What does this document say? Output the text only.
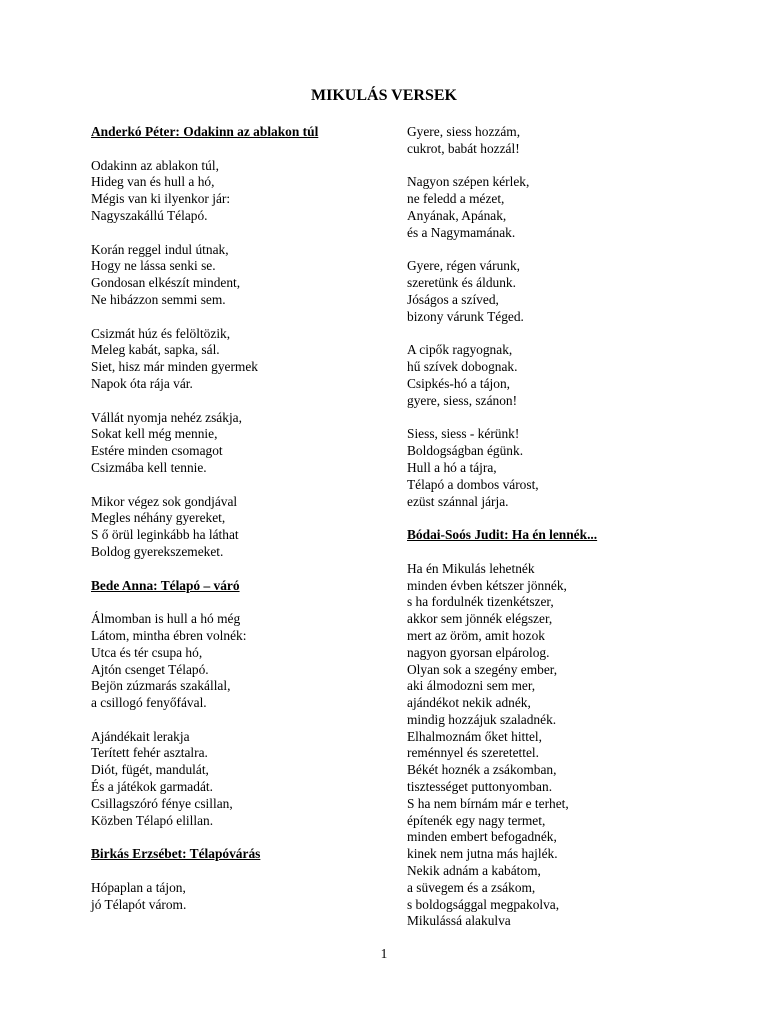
MIKULÁS VERSEK
Anderkó Péter: Odakinn az ablakon túl
Odakinn az ablakon túl,
Hideg van és hull a hó,
Mégis van ki ilyenkor jár:
Nagyszakállú Télapó.
Korán reggel indul útnak,
Hogy ne lássa senki se.
Gondosan elkészít mindent,
Ne hibázzon semmi sem.
Csizmát húz és felöltözik,
Meleg kabát, sapka, sál.
Siet, hisz már minden gyermek
Napok óta rája vár.
Vállát nyomja nehéz zsákja,
Sokat kell még mennie,
Estére minden csomagot
Csizmába kell tennie.
Mikor végez sok gondjával
Megles néhány gyereket,
S ő örül leginkább ha láthat
Boldog gyerekszemeket.
Bede Anna: Télapó – váró
Álmomban is hull a hó még
Látom, mintha ébren volnék:
Utca és tér csupa hó,
Ajtón csenget Télapó.
Bejön zúzmarás szakállal,
a csillogó fenyőfával.
Ajándékait lerakja
Terített fehér asztalra.
Diót, fügét, mandulát,
És a játékok garmadát.
Csillagszóró fénye csillan,
Közben Télapó elillan.
Birkás Erzsébet: Télapóvárás
Hópaplan a tájon,
jó Télapót várom.
Gyere, siess hozzám,
cukrot, babát hozzál!
Nagyon szépen kérlek,
ne feledd a mézet,
Anyának, Apának,
és a Nagymamának.
Gyere, régen várunk,
szeretünk és áldunk.
Jóságos a szíved,
bizony várunk Téged.
A cipők ragyognak,
hű szívek dobognak.
Csipkés-hó a tájon,
gyere, siess, szánon!
Siess, siess - kérünk!
Boldogságban égünk.
Hull a hó a tájra,
Télapó a dombos várost,
ezüst szánnal járja.
Bódai-Soós Judit: Ha én lennék...
Ha én Mikulás lehetnék
minden évben kétszer jönnék,
s ha fordulnék tizenkétszer,
akkor sem jönnék elégszer,
mert az öröm, amit hozok
nagyon gyorsan elpárolog.
Olyan sok a szegény ember,
aki álmodozni sem mer,
ajándékot nekik adnék,
mindig hozzájuk szaladnék.
Elhalmoznám őket hittel,
reménnyel és szeretettel.
Békét hoznék a zsákomban,
tisztességet puttonyomban.
S ha nem bírnám már e terhet,
építenék egy nagy termet,
minden embert befogadnék,
kinek nem jutna más hajlék.
Nekik adnám a kabátom,
a süvegem és a zsákom,
s boldogsággal megpakolva,
Mikulássá alakulva
1
